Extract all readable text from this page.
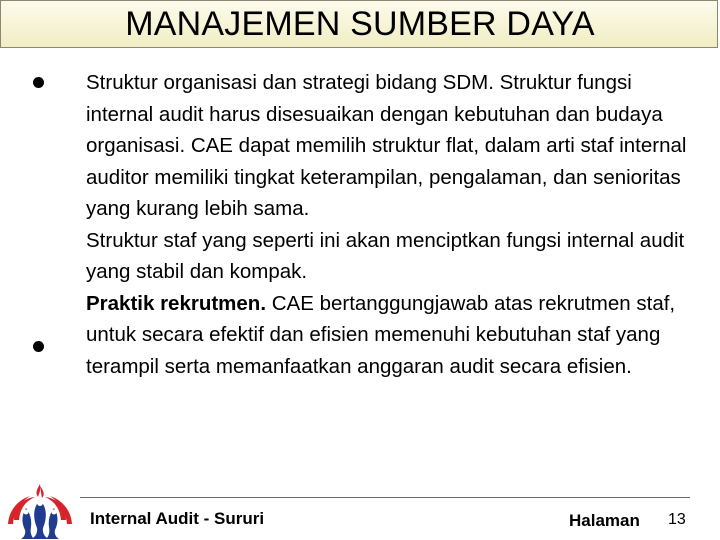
MANAJEMEN SUMBER DAYA

Struktur organisasi dan strategi bidang SDM. Struktur fungsi internal audit harus disesuaikan dengan kebutuhan dan budaya organisasi. CAE dapat memilih struktur flat, dalam arti staf internal auditor memiliki tingkat keterampilan, pengalaman, dan senioritas yang kurang lebih sama.

Struktur staf yang seperti ini akan menciptkan fungsi internal audit yang stabil dan kompak.

Praktik rekrutmen. CAE bertanggungjawab atas rekrutmen staf, untuk secara efektif dan efisien memenuhi kebutuhan staf yang terampil serta memanfaatkan anggaran audit secara efisien.

Internal Audit - Sururi	Halaman 13
